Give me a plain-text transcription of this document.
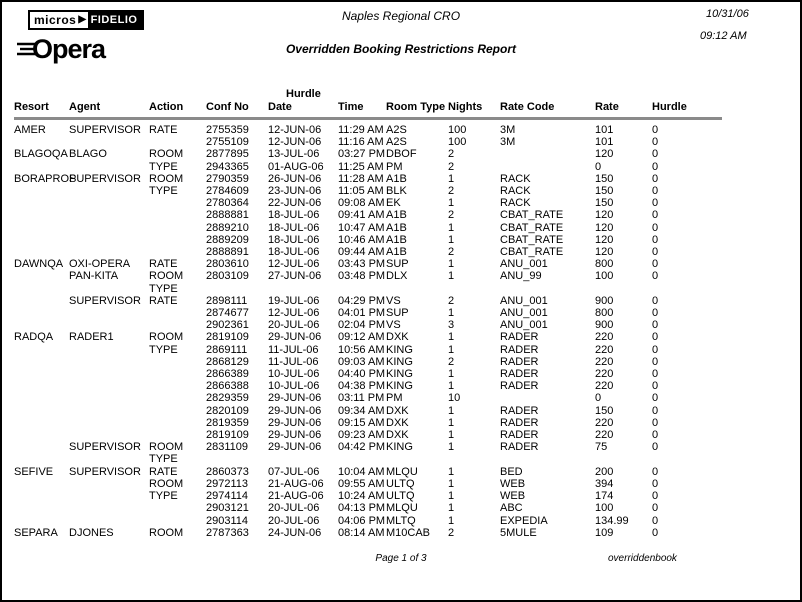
micros ▶ FIDELIO
Opera
Naples Regional CRO
Overridden Booking Restrictions Report
10/31/06
09:12 AM
Resort	Agent	Action	Conf No	Hurdle
Date	Time	Room Type	Nights	Rate Code	Rate	Hurdle

AMER	SUPERVISOR	RATE	2755359	12-JUN-06	11:29 AM	A2S	100	3M	101	0
			2755109	12-JUN-06	11:16 AM	A2S	100	3M	101	0
BLAGOQA	BLAGO	ROOM	2877895	13-JUL-06	03:27 PM	DBOF	2		120	0
		TYPE	2943365	01-AUG-06	11:25 AM	PM	2		0	0
BORAPROP	SUPERVISOR	ROOM	2790359	26-JUN-06	11:28 AM	A1B	1	RACK	150	0
		TYPE	2784609	23-JUN-06	11:05 AM	BLK	2	RACK	150	0
			2780364	22-JUN-06	09:08 AM	EK	1	RACK	150	0
			2888881	18-JUL-06	09:41 AM	A1B	2	CBAT_RATE	120	0
			2889210	18-JUL-06	10:47 AM	A1B	1	CBAT_RATE	120	0
			2889209	18-JUL-06	10:46 AM	A1B	1	CBAT_RATE	120	0
			2888891	18-JUL-06	09:44 AM	A1B	2	CBAT_RATE	120	0
DAWNQA	OXI-OPERA	RATE	2803610	12-JUL-06	03:43 PM	SUP	1	ANU_001	800	0
	PAN-KITA	ROOM	2803109	27-JUN-06	03:48 PM	DLX	1	ANU_99	100	0
		TYPE								
	SUPERVISOR	RATE	2898111	19-JUL-06	04:29 PM	VS	2	ANU_001	900	0
			2874677	12-JUL-06	04:01 PM	SUP	1	ANU_001	800	0
			2902361	20-JUL-06	02:04 PM	VS	3	ANU_001	900	0
RADQA	RADER1	ROOM	2819109	29-JUN-06	09:12 AM	DXK	1	RADER	220	0
		TYPE	2869111	11-JUL-06	10:56 AM	KING	1	RADER	220	0
			2868129	11-JUL-06	09:03 AM	KING	2	RADER	220	0
			2866389	10-JUL-06	04:40 PM	KING	1	RADER	220	0
			2866388	10-JUL-06	04:38 PM	KING	1	RADER	220	0
			2829359	29-JUN-06	03:11 PM	PM	10		0	0
			2820109	29-JUN-06	09:34 AM	DXK	1	RADER	150	0
			2819359	29-JUN-06	09:15 AM	DXK	1	RADER	220	0
			2819109	29-JUN-06	09:23 AM	DXK	1	RADER	220	0
	SUPERVISOR	ROOM	2831109	29-JUN-06	04:42 PM	KING	1	RADER	75	0
		TYPE								
SEFIVE	SUPERVISOR	RATE	2860373	07-JUL-06	10:04 AM	MLQU	1	BED	200	0
		ROOM	2972113	21-AUG-06	09:55 AM	ULTQ	1	WEB	394	0
		TYPE	2974114	21-AUG-06	10:24 AM	ULTQ	1	WEB	174	0
			2903121	20-JUL-06	04:13 PM	MLQU	1	ABC	100	0
			2903114	20-JUL-06	04:06 PM	MLTQ	1	EXPEDIA	134.99	0
SEPARA	DJONES	ROOM	2787363	24-JUN-06	08:14 AM	M10CAB	2	5MULE	109	0
Page 1 of 3	overriddenbook
